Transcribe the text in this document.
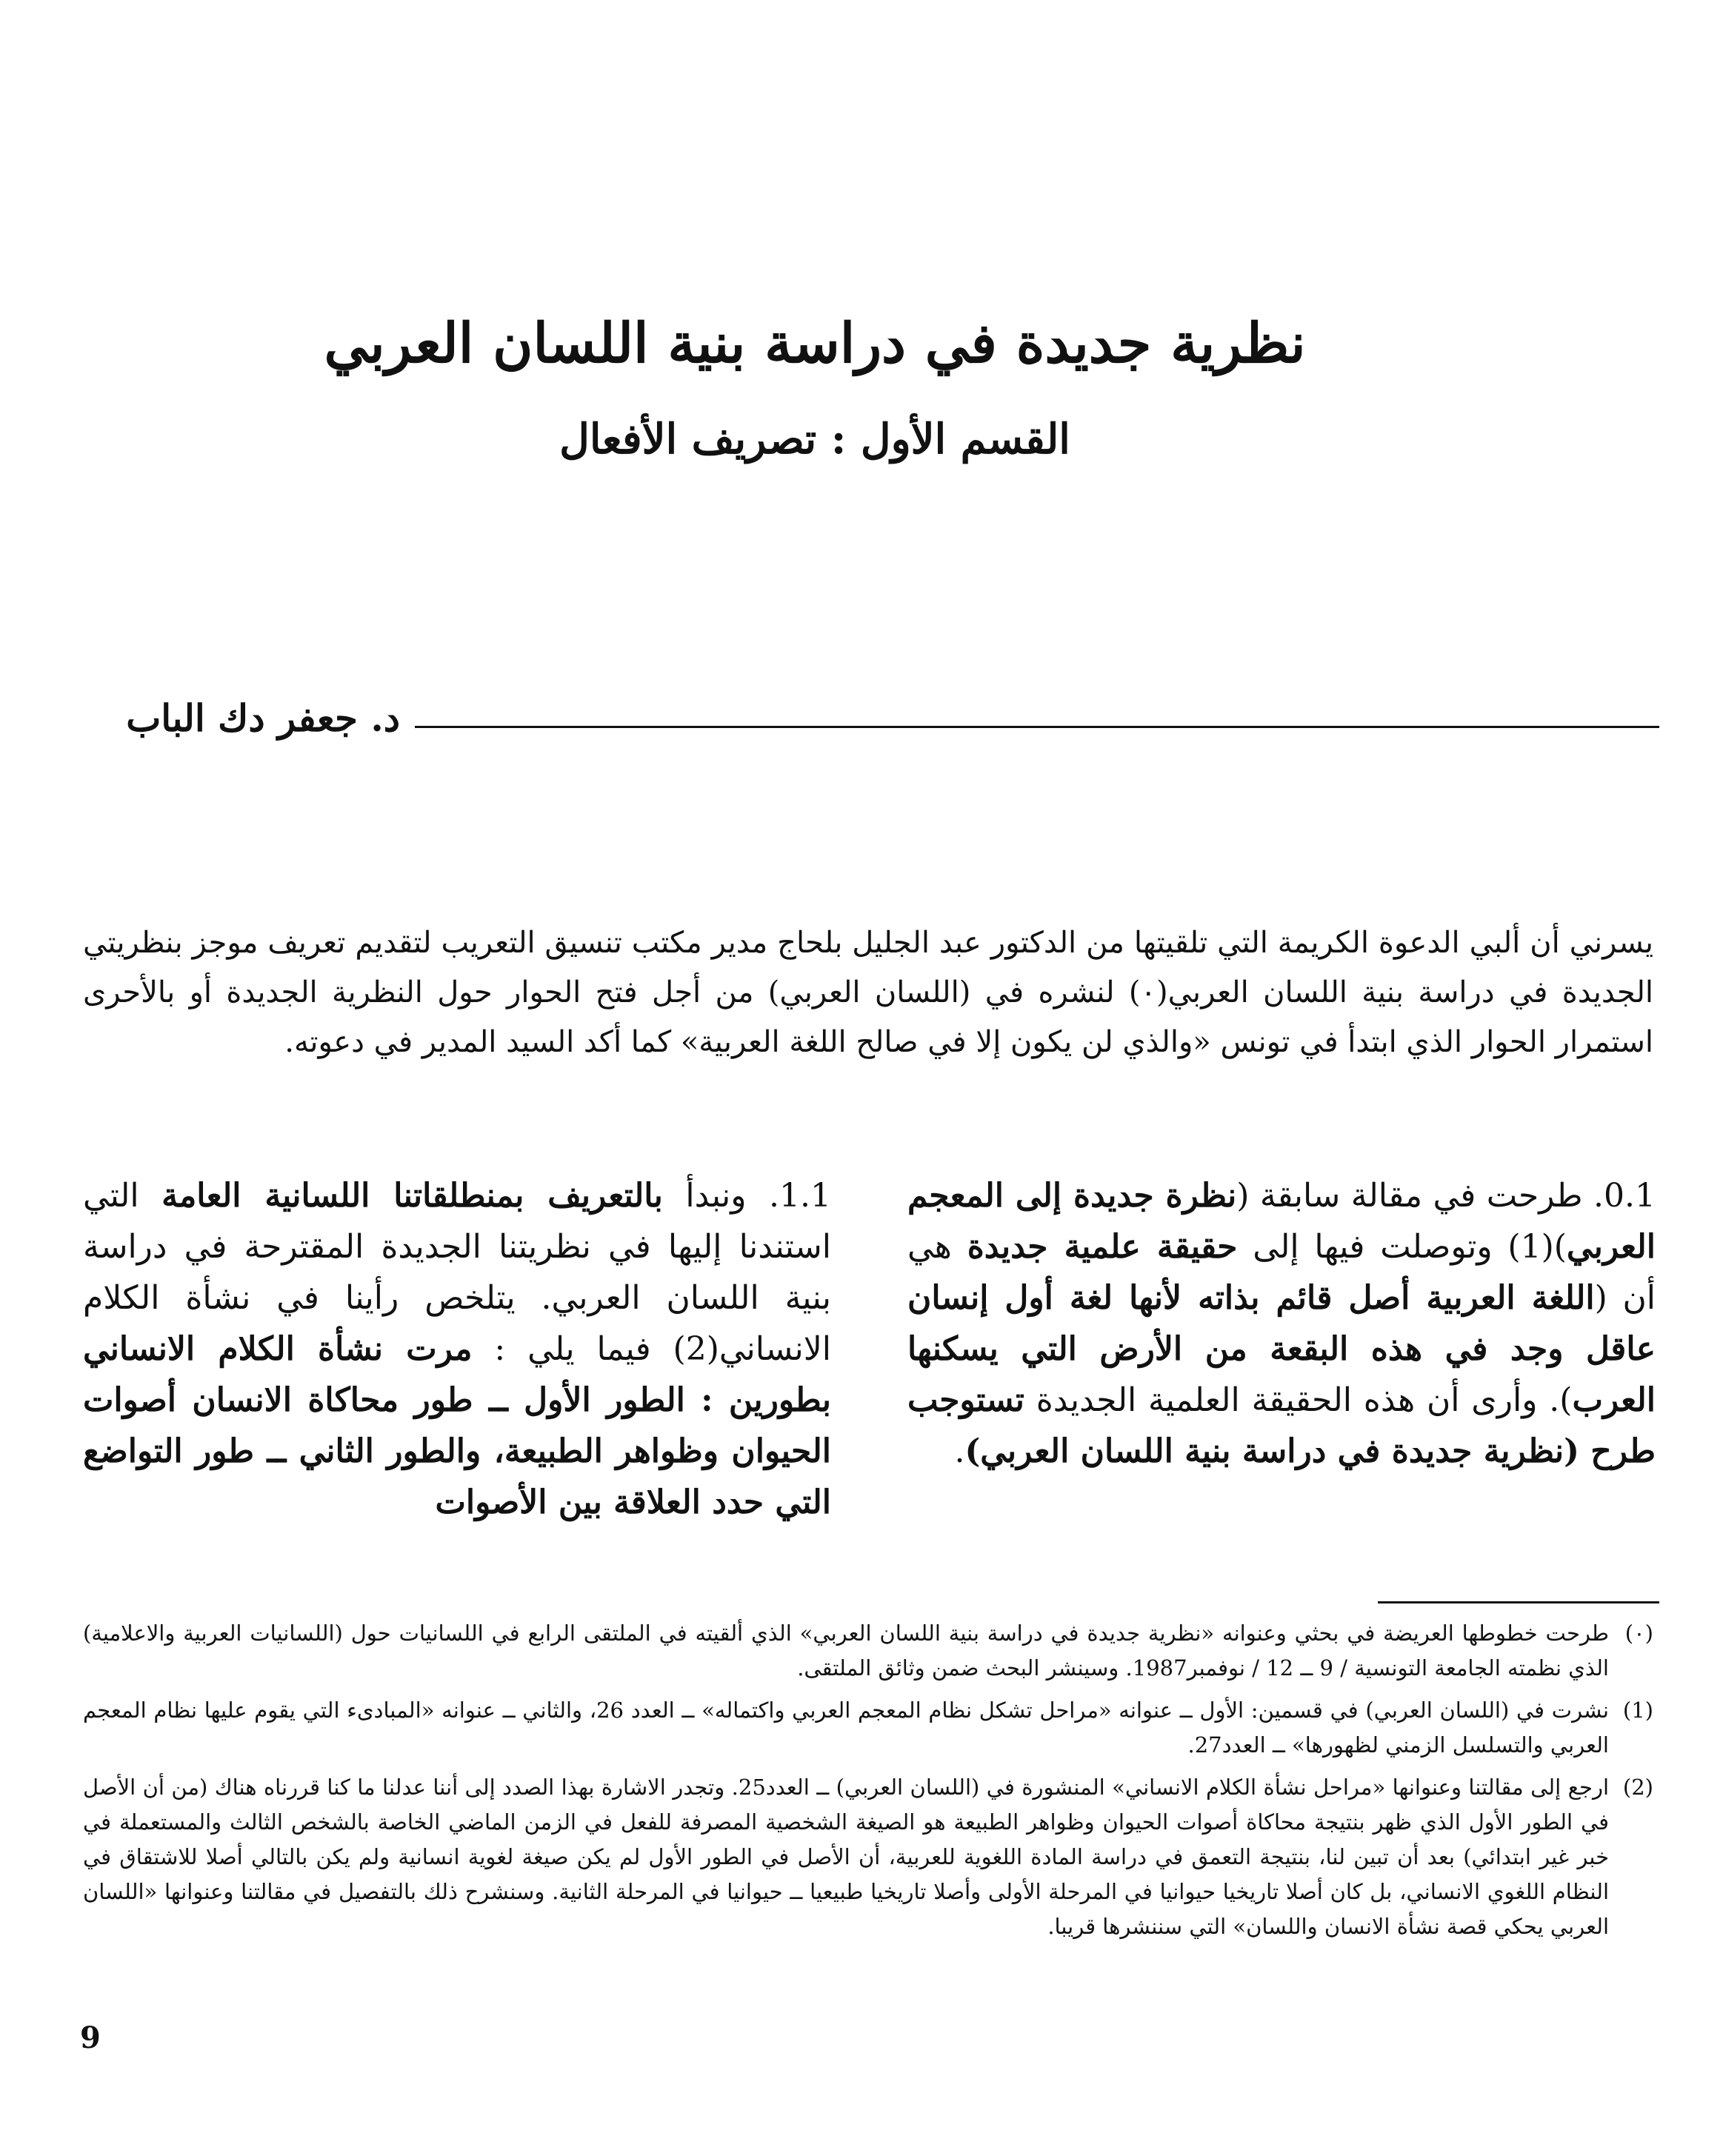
نظرية جديدة في دراسة بنية اللسان العربي
القسم الأول : تصريف الأفعال
د. جعفر دك الباب

يسرني أن ألبي الدعوة الكريمة التي تلقيتها من الدكتور عبد الجليل بلحاج مدير مكتب تنسيق التعريب لتقديم تعريف موجز بنظريتي الجديدة في دراسة بنية اللسان العربي(٠) لنشره في (اللسان العربي) من أجل فتح الحوار حول النظرية الجديدة أو بالأحرى استمرار الحوار الذي ابتدأ في تونس «والذي لن يكون إلا في صالح اللغة العربية» كما أكد السيد المدير في دعوته.

0.1. طرحت في مقالة سابقة (نظرة جديدة إلى المعجم العربي)(1) وتوصلت فيها إلى حقيقة علمية جديدة هي أن (اللغة العربية أصل قائم بذاته لأنها لغة أول إنسان عاقل وجد في هذه البقعة من الأرض التي يسكنها العرب). وأرى أن هذه الحقيقة العلمية الجديدة تستوجب طرح (نظرية جديدة في دراسة بنية اللسان العربي).
1.1. ونبدأ بالتعريف بمنطلقاتنا اللسانية العامة التي استندنا إليها في نظريتنا الجديدة المقترحة في دراسة بنية اللسان العربي. يتلخص رأينا في نشأة الكلام الانساني(2) فيما يلي : مرت نشأة الكلام الانساني بطورين : الطور الأول ــ طور محاكاة الانسان أصوات الحيوان وظواهر الطبيعة، والطور الثاني ــ طور التواضع التي حدد العلاقة بين الأصوات
(٠)
طرحت خطوطها العريضة في بحثي وعنوانه «نظرية جديدة في دراسة بنية اللسان العربي» الذي ألقيته في الملتقى الرابع في اللسانيات حول (اللسانيات العربية والاعلامية) الذي نظمته الجامعة التونسية / 9 ــ 12 / نوفمبر1987. وسينشر البحث ضمن وثائق الملتقى.
(1)
نشرت في (اللسان العربي) في قسمين: الأول ــ عنوانه «مراحل تشكل نظام المعجم العربي واكتماله» ــ العدد 26، والثاني ــ عنوانه «المبادىء التي يقوم عليها نظام المعجم العربي والتسلسل الزمني لظهورها» ــ العدد27.
(2)
ارجع إلى مقالتنا وعنوانها «مراحل نشأة الكلام الانساني» المنشورة في (اللسان العربي) ــ العدد25. وتجدر الاشارة بهذا الصدد إلى أننا عدلنا ما كنا قررناه هناك (من أن الأصل في الطور الأول الذي ظهر بنتيجة محاكاة أصوات الحيوان وظواهر الطبيعة هو الصيغة الشخصية المصرفة للفعل في الزمن الماضي الخاصة بالشخص الثالث والمستعملة في خبر غير ابتدائي) بعد أن تبين لنا، بنتيجة التعمق في دراسة المادة اللغوية للعربية، أن الأصل في الطور الأول لم يكن صيغة لغوية انسانية ولم يكن بالتالي أصلا للاشتقاق في النظام اللغوي الانساني، بل كان أصلا تاريخيا حيوانيا في المرحلة الأولى وأصلا تاريخيا طبيعيا ــ حيوانيا في المرحلة الثانية. وسنشرح ذلك بالتفصيل في مقالتنا وعنوانها «اللسان العربي يحكي قصة نشأة الانسان واللسان» التي سننشرها قريبا.
9
